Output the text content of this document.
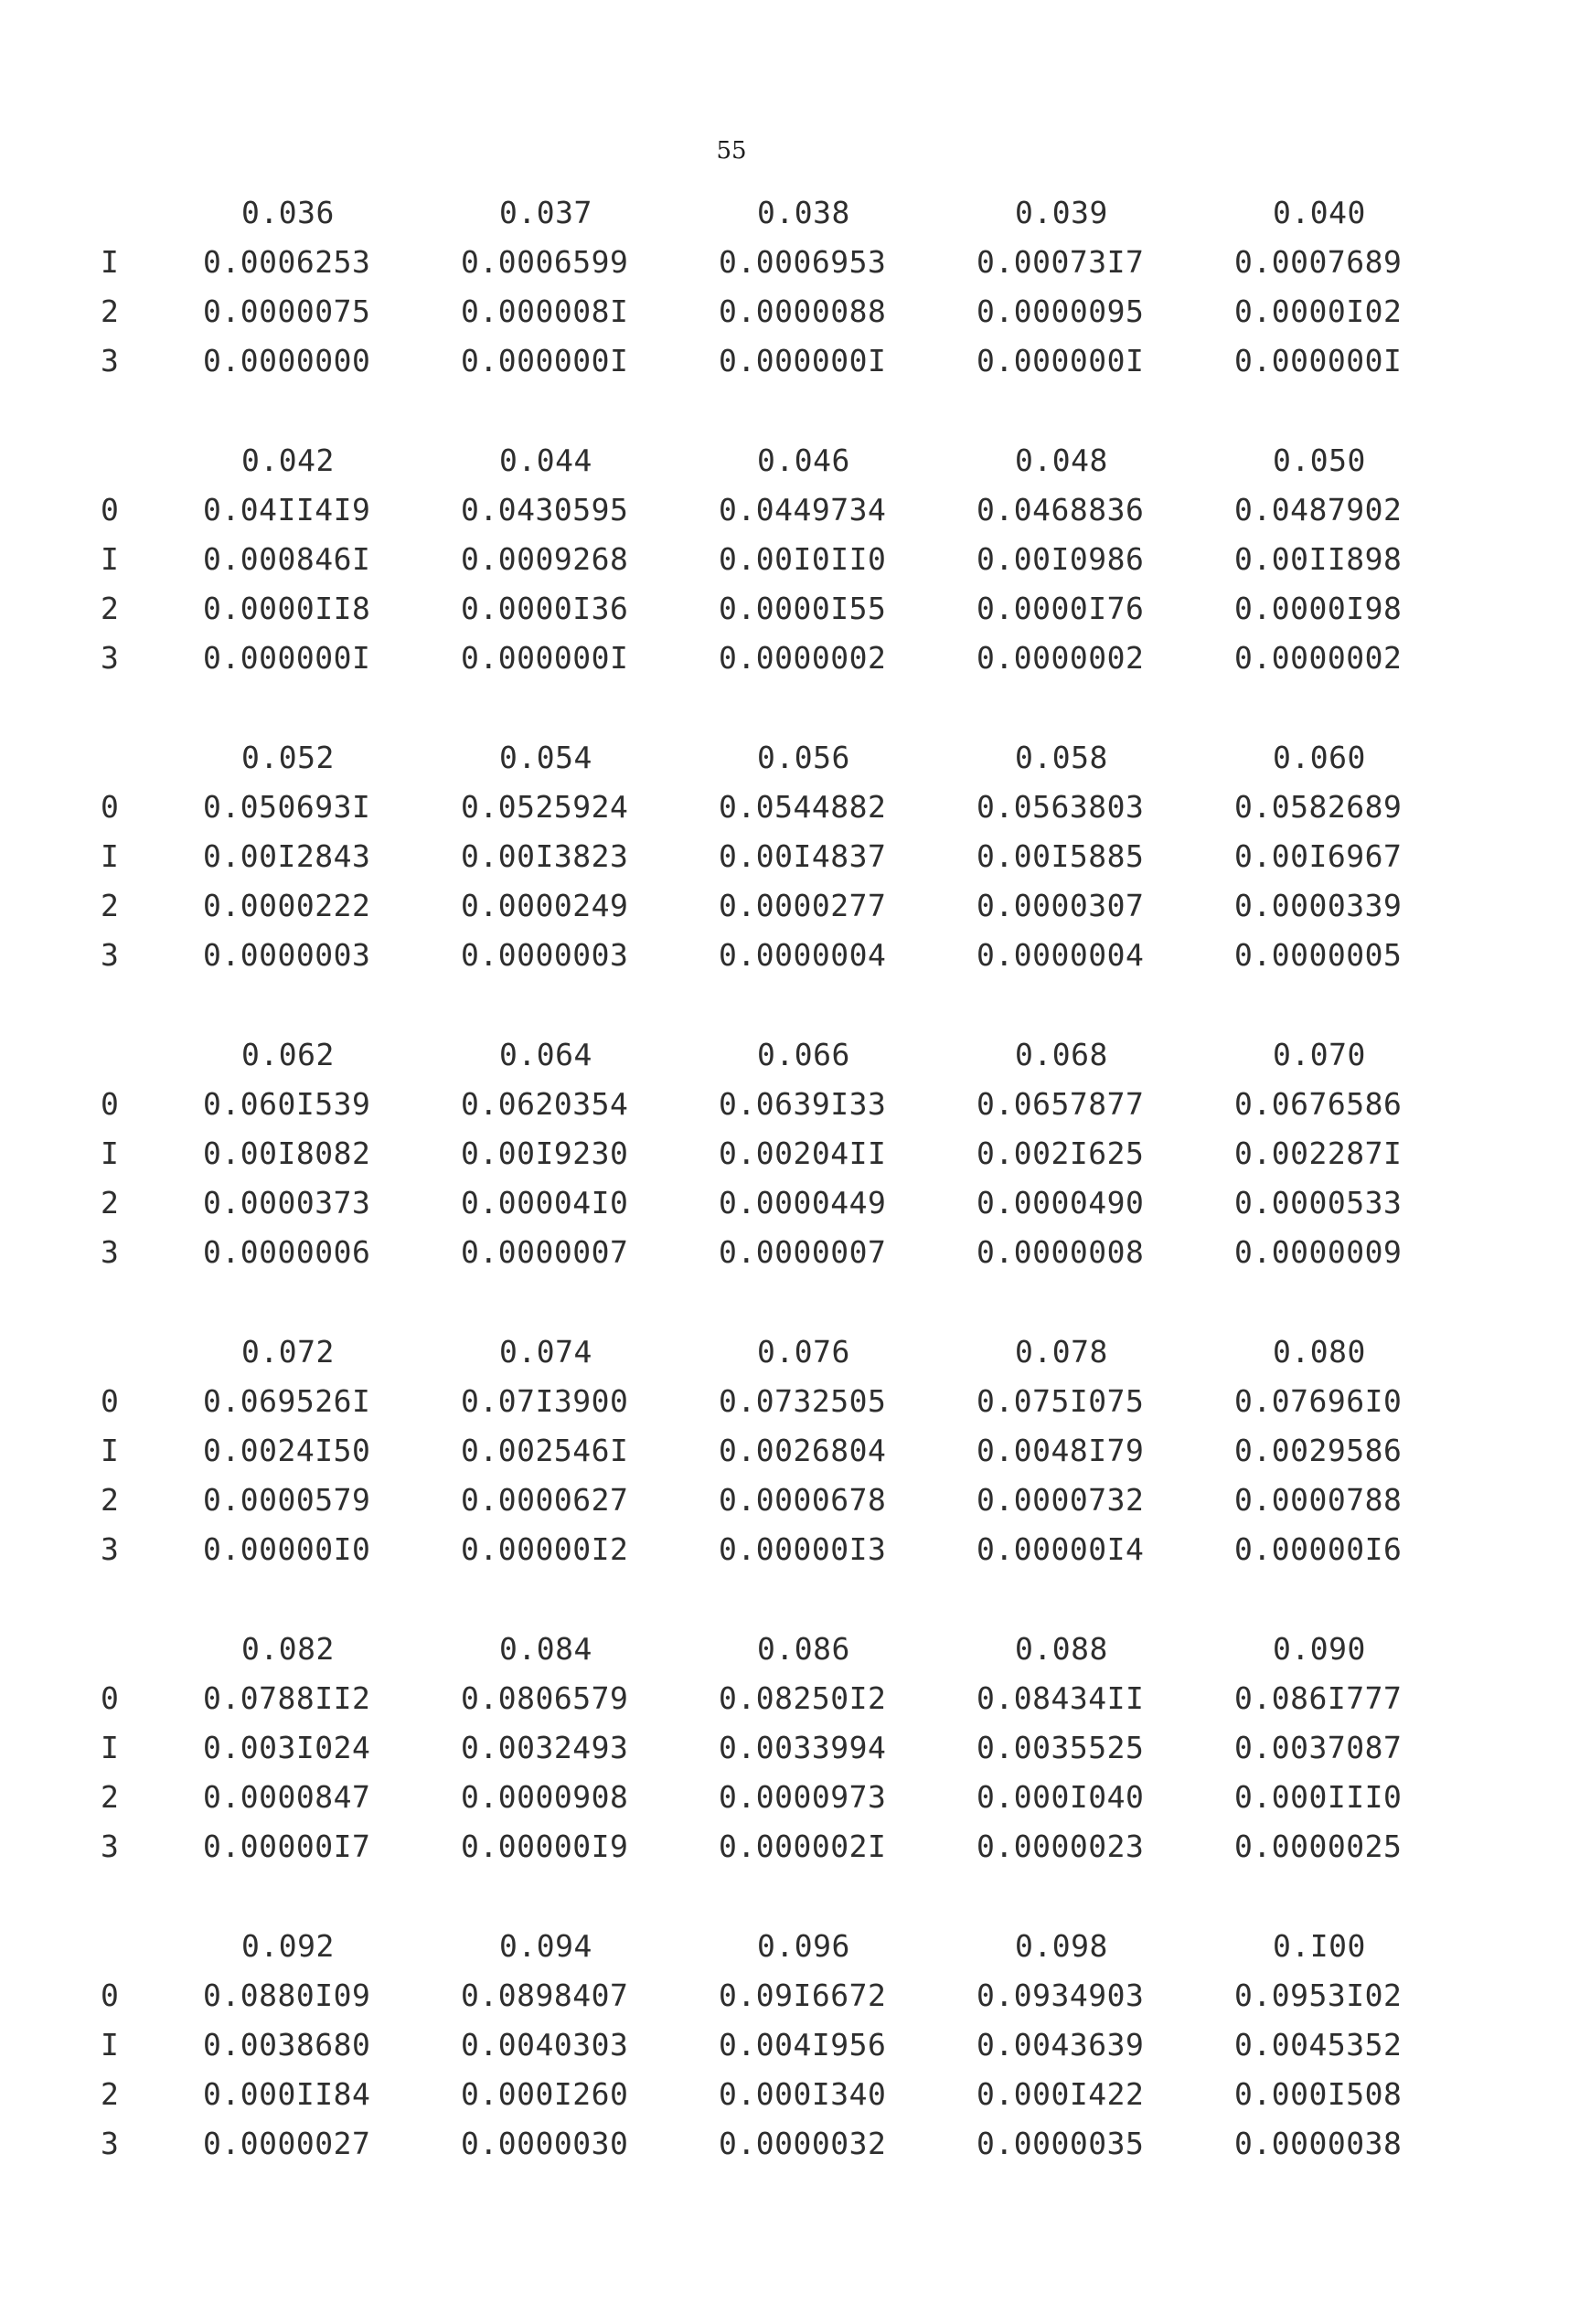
55
0.036	0.037	0.038	0.039	0.040
I	0.0006253	0.0006599	0.0006953	0.00073I7	0.0007689
2	0.0000075	0.000008I	0.0000088	0.0000095	0.0000I02
3	0.0000000	0.000000I	0.000000I	0.000000I	0.000000I
0.042	0.044	0.046	0.048	0.050
0	0.04II4I9	0.0430595	0.0449734	0.0468836	0.0487902
I	0.000846I	0.0009268	0.00I0II0	0.00I0986	0.00II898
2	0.0000II8	0.0000I36	0.0000I55	0.0000I76	0.0000I98
3	0.000000I	0.000000I	0.0000002	0.0000002	0.0000002
0.052	0.054	0.056	0.058	0.060
0	0.050693I	0.0525924	0.0544882	0.0563803	0.0582689
I	0.00I2843	0.00I3823	0.00I4837	0.00I5885	0.00I6967
2	0.0000222	0.0000249	0.0000277	0.0000307	0.0000339
3	0.0000003	0.0000003	0.0000004	0.0000004	0.0000005
0.062	0.064	0.066	0.068	0.070
0	0.060I539	0.0620354	0.0639I33	0.0657877	0.0676586
I	0.00I8082	0.00I9230	0.00204II	0.002I625	0.002287I
2	0.0000373	0.00004I0	0.0000449	0.0000490	0.0000533
3	0.0000006	0.0000007	0.0000007	0.0000008	0.0000009
0.072	0.074	0.076	0.078	0.080
0	0.069526I	0.07I3900	0.0732505	0.075I075	0.07696I0
I	0.0024I50	0.002546I	0.0026804	0.0048I79	0.0029586
2	0.0000579	0.0000627	0.0000678	0.0000732	0.0000788
3	0.00000I0	0.00000I2	0.00000I3	0.00000I4	0.00000I6
0.082	0.084	0.086	0.088	0.090
0	0.0788II2	0.0806579	0.08250I2	0.08434II	0.086I777
I	0.003I024	0.0032493	0.0033994	0.0035525	0.0037087
2	0.0000847	0.0000908	0.0000973	0.000I040	0.000III0
3	0.00000I7	0.00000I9	0.000002I	0.0000023	0.0000025
0.092	0.094	0.096	0.098	0.I00
0	0.0880I09	0.0898407	0.09I6672	0.0934903	0.0953I02
I	0.0038680	0.0040303	0.004I956	0.0043639	0.0045352
2	0.000II84	0.000I260	0.000I340	0.000I422	0.000I508
3	0.0000027	0.0000030	0.0000032	0.0000035	0.0000038
